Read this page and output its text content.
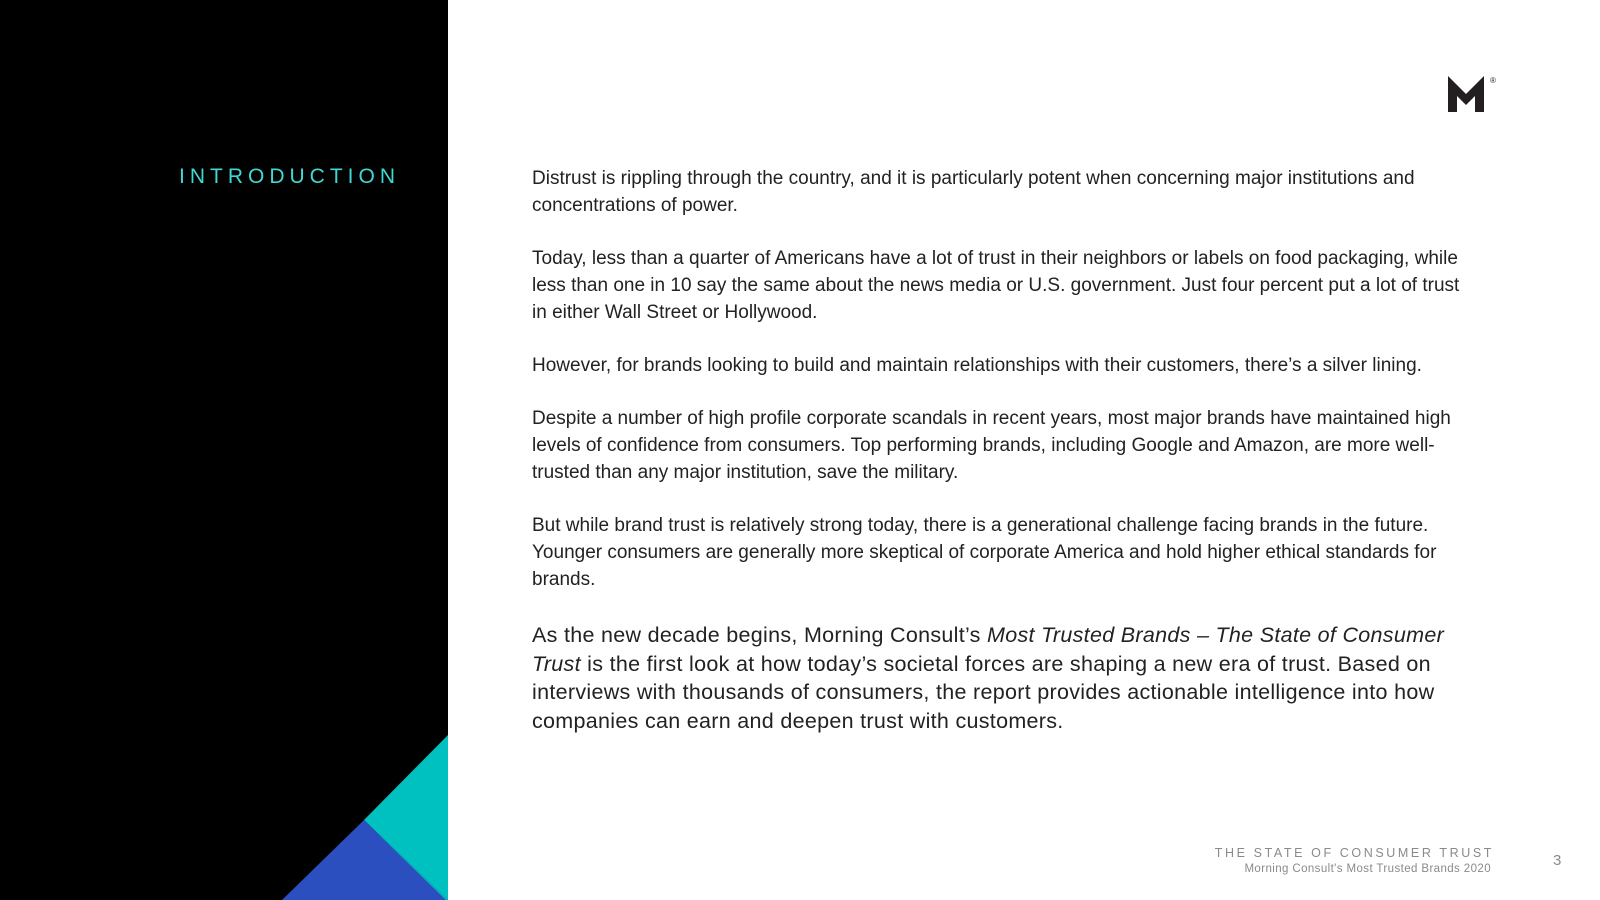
INTRODUCTION
®

Distrust is rippling through the country, and it is particularly potent when concerning major institutions and concentrations of power.

Today, less than a quarter of Americans have a lot of trust in their neighbors or labels on food packaging, while less than one in 10 say the same about the news media or U.S. government. Just four percent put a lot of trust in either Wall Street or Hollywood.

However, for brands looking to build and maintain relationships with their customers, there’s a silver lining.

Despite a number of high profile corporate scandals in recent years, most major brands have maintained high levels of confidence from consumers. Top performing brands, including Google and Amazon, are more well-trusted than any major institution, save the military.

But while brand trust is relatively strong today, there is a generational challenge facing brands in the future. Younger consumers are generally more skeptical of corporate America and hold higher ethical standards for brands.

As the new decade begins, Morning Consult’s Most Trusted Brands – The State of Consumer Trust is the first look at how today’s societal forces are shaping a new era of trust. Based on interviews with thousands of consumers, the report provides actionable intelligence into how companies can earn and deepen trust with customers.

THE STATE OF CONSUMER TRUST
Morning Consult's Most Trusted Brands 2020	3
